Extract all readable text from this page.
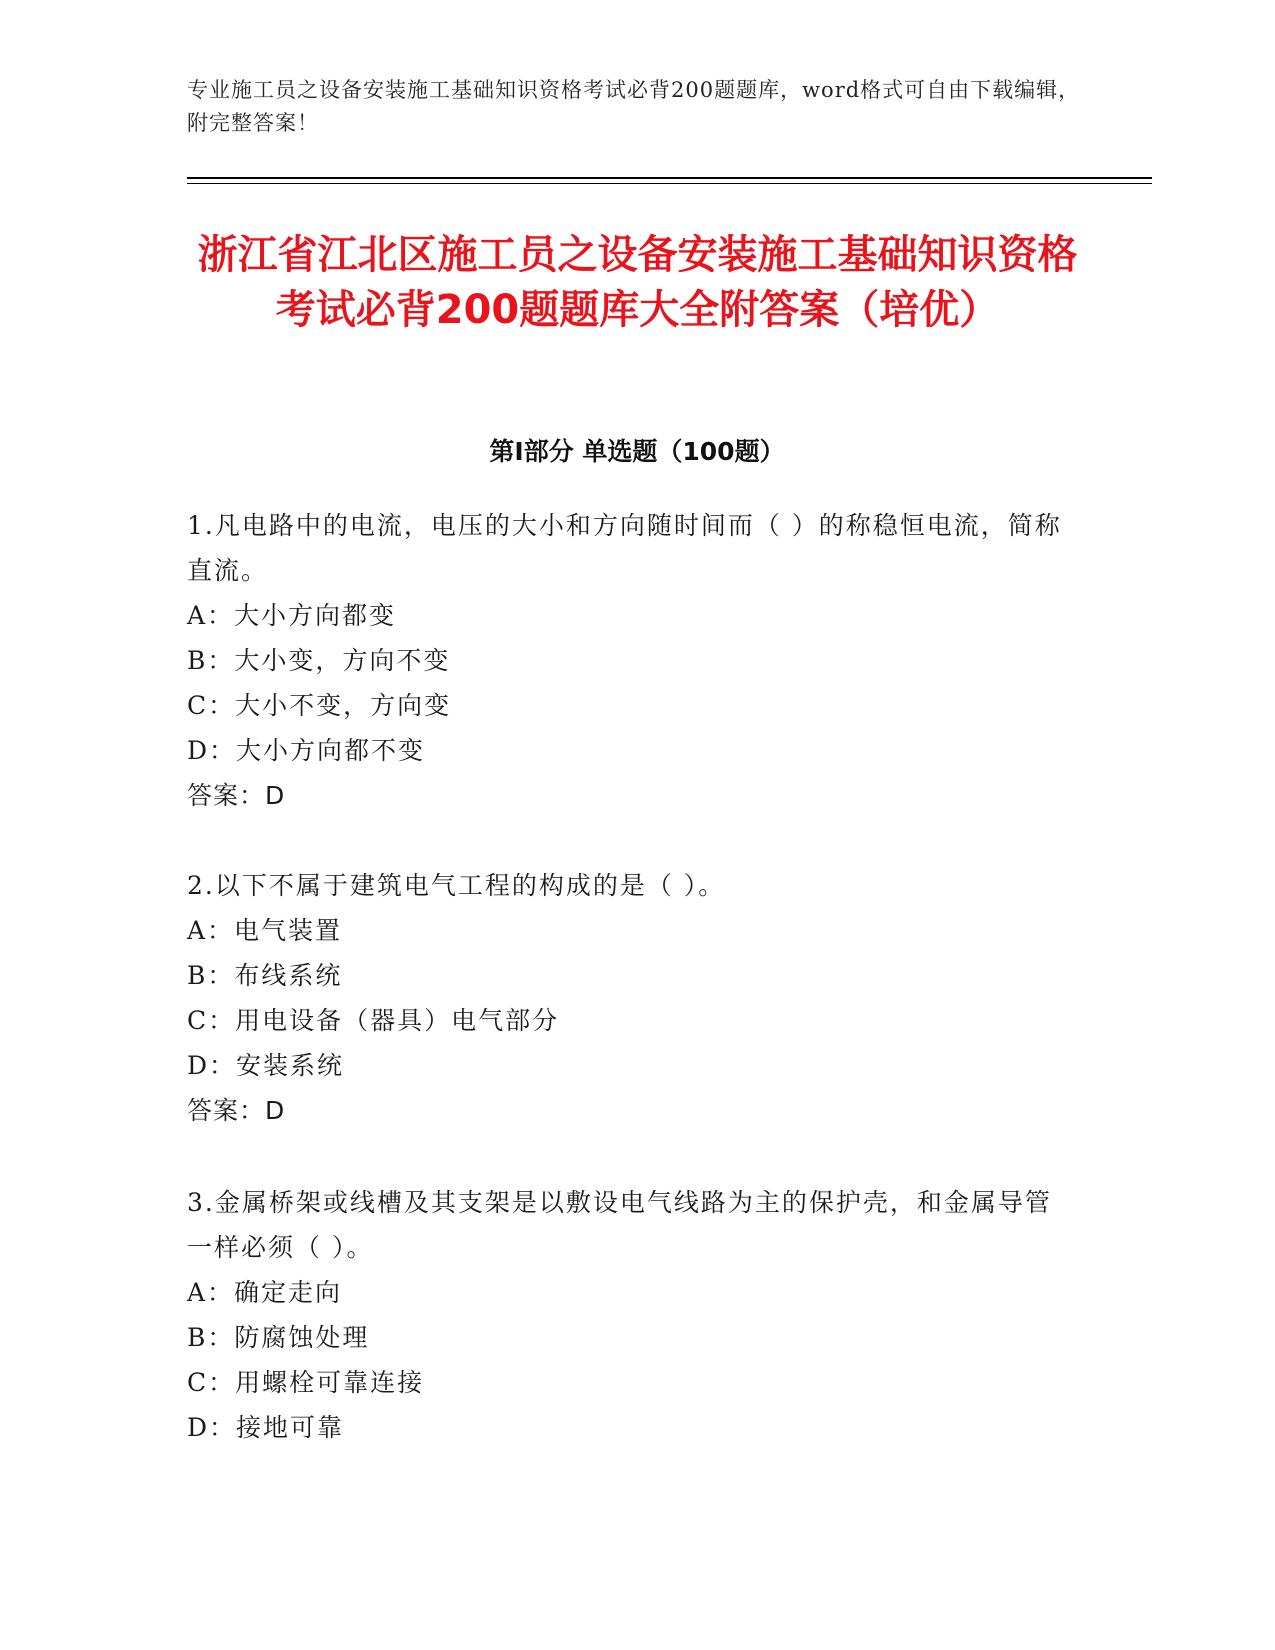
专业施工员之设备安装施工基础知识资格考试必背200题题库，word格式可自由下载编辑，附完整答案！
浙江省江北区施工员之设备安装施工基础知识资格考试必背200题题库大全附答案（培优）
第Ⅰ部分 单选题（100题）
1.凡电路中的电流，电压的大小和方向随时间而（ ）的称稳恒电流，简称直流。
A：大小方向都变
B：大小变，方向不变
C：大小不变，方向变
D：大小方向都不变
答案：D
2.以下不属于建筑电气工程的构成的是（ ）。
A：电气装置
B：布线系统
C：用电设备（器具）电气部分
D：安装系统
答案：D
3.金属桥架或线槽及其支架是以敷设电气线路为主的保护壳，和金属导管一样必须（ ）。
A：确定走向
B：防腐蚀处理
C：用螺栓可靠连接
D：接地可靠
